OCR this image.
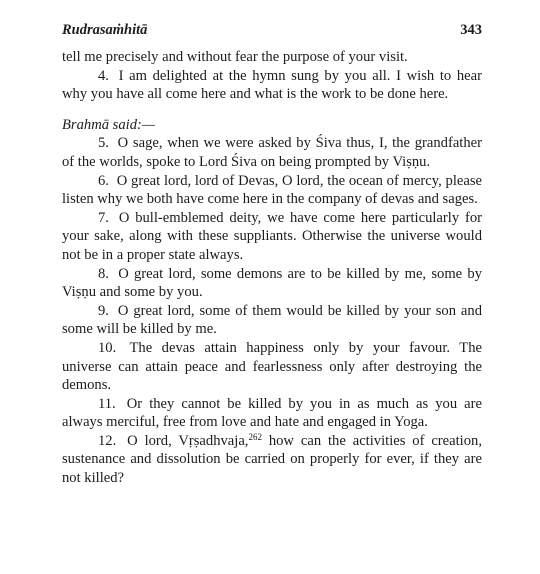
Rudrasaṁhitā	343

tell me precisely and without fear the purpose of your visit.

4. I am delighted at the hymn sung by you all. I wish to hear why you have all come here and what is the work to be done here.

Brahmā said:—

5. O sage, when we were asked by Śiva thus, I, the grandfather of the worlds, spoke to Lord Śiva on being prompted by Viṣṇu.

6. O great lord, lord of Devas, O lord, the ocean of mercy, please listen why we both have come here in the company of devas and sages.

7. O bull-emblemed deity, we have come here particularly for your sake, along with these suppliants. Otherwise the universe would not be in a proper state always.

8. O great lord, some demons are to be killed by me, some by Viṣṇu and some by you.

9. O great lord, some of them would be killed by your son and some will be killed by me.

10. The devas attain happiness only by your favour. The universe can attain peace and fearlessness only after destroying the demons.

11. Or they cannot be killed by you in as much as you are always merciful, free from love and hate and engaged in Yoga.

12. O lord, Vṛṣadhvaja,$^{262}$ how can the activities of creation, sustenance and dissolution be carried on properly for ever, if they are not killed?
